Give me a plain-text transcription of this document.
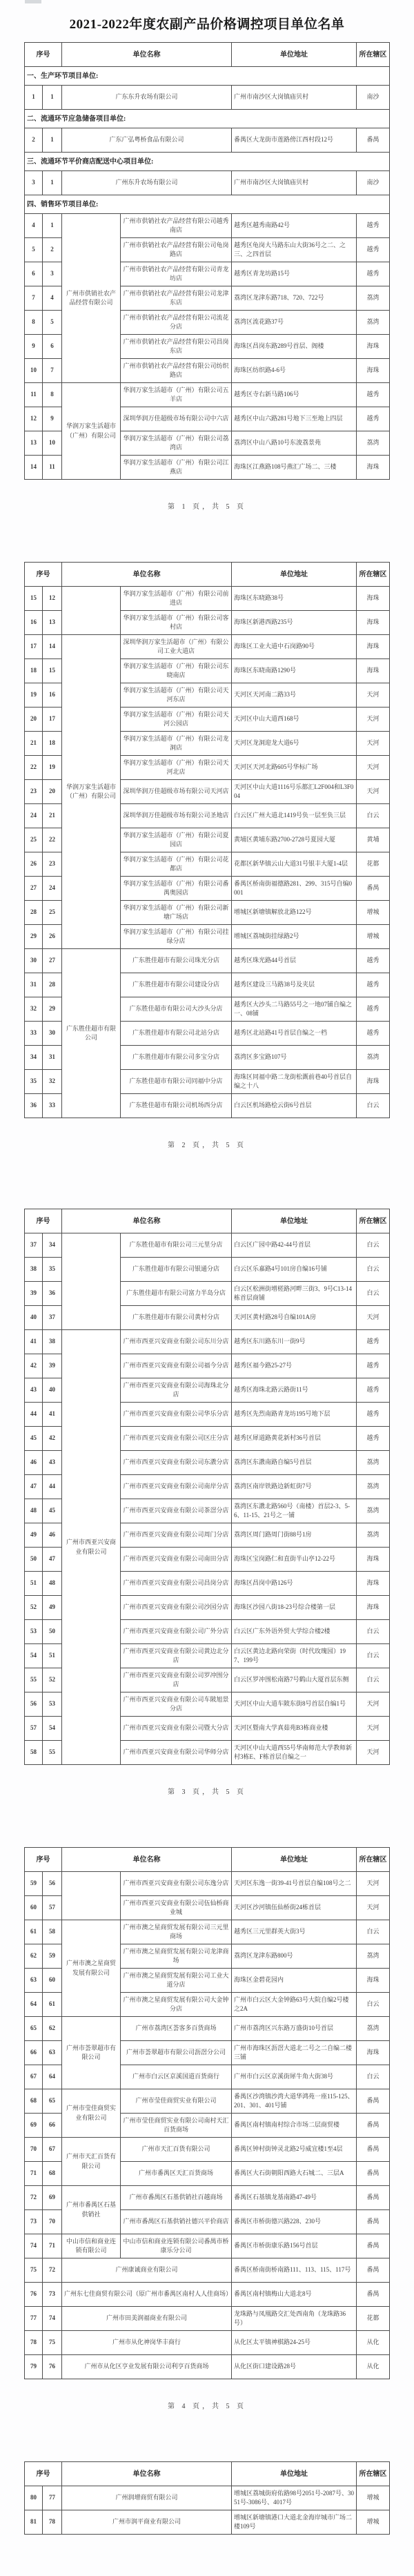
2021-2022年度农副产品价格调控项目单位名单
序号		单位名称		单位地址	所在辖区
一、生产环节项目单位:					
1	1	广东东升农场有限公司		广州市南沙区大岗镇庙贝村	南沙
二、流通环节应急储备项目单位:					
2	1	广东广弘粤桥食品有限公司		番禺区大龙街市莲路傍江西村段12号	番禺
三、流通环节平价商店配送中心项目单位:					
3	1	广州东升农场有限公司		广州市南沙区大岗镇庙贝村	南沙
四、销售环节项目单位:					
4	1	广州市供销社农产品经营有限公司	广州市供销社农产品经营有限公司越秀南店	越秀区越秀南路42号	越秀
5	2		广州市供销社农产品经营有限公司龟岗路店	越秀区龟岗大马路东山大街36号之二、之三、之四首层	越秀
6	3		广州市供销社农产品经营有限公司青龙坊店	越秀区青龙坊路15号	越秀
7	4		广州市供销社农产品经营有限公司龙津东店	荔湾区龙津东路718、720、722号	荔湾
8	5		广州市供销社农产品经营有限公司流花分店	荔湾区流花路37号	荔湾
9	6		广州市供销社农产品经营有限公司昌岗东店	海珠区昌岗东路289号首层、阁楼	海珠
10	7		广州市供销社农产品经营有限公司纺织路店	海珠区纺织路4-6号	海珠
11	8	华润万家生活超市（广州）有限公司	华润万家生活超市（广州）有限公司五羊店	越秀区寺右新马路106号	越秀
12	9		深圳华润万佳超级市场有限公司中六店	越秀区中山六路281号地下三至地上四层	越秀
13	10		华润万家生活超市（广州）有限公司荔湾店	荔湾区中山八路10号东浚荔景苑	荔湾
14	11		华润万家生活超市（广州）有限公司江燕店	海珠区江燕路108号燕汇广场二、三楼	海珠
第 1 页，共 5 页
序号		单位名称		单位地址	所在辖区
15	12		华润万家生活超市（广州）有限公司前进店	海珠区东晓路38号	海珠
16	13		华润万家生活超市（广州）有限公司客村店	海珠区新港西路235号	海珠
17	14	华润万家生活超市（广州）有限公司	深圳华润万家生活超市（广州）有限公司工业大道店	海珠区工业大道中石岗路90号	海珠
18	15		华润万家生活超市（广州）有限公司东晓南店	海珠区东晓南路1290号	海珠
19	16		华润万家生活超市（广州）有限公司天河东店	天河区天河南二路33号	天河
20	17		华润万家生活超市（广州）有限公司天河公园店	天河区中山大道西168号	天河
21	18		华润万家生活超市（广州）有限公司龙洞店	天河区龙洞迎龙大道6号	天河
22	19		华润万家生活超市（广州）有限公司天河北店	天河区天河北路605号华标广场	天河
23	20		深圳华润万佳超级市场有限公司天河店	天河区中山大道1116号乐都汇L2F004和L3F004	天河
24	21		深圳华润万佳超级市场有限公司圣地店	白云区广州大道北1419号负一层至负三层	白云
25	22		华润万家生活超市（广州）有限公司夏园店	黄埔区黄埔东路2700-2728号夏园大厦	黄埔
26	23		华润万家生活超市（广州）有限公司花都店	花都区新华镇云山大道31号银丰大厦1-4层	花都
27	24		华润万家生活超市（广州）有限公司番禺奥园店	番禺区桥南街福德路281、299、315号自编0001	番禺
28	25		华润万家生活超市（广州）有限公司新塘广场店	增城区新塘镇解放北路122号	增城
29	26		华润万家生活超市（广州）有限公司挂绿分店	增城区荔城街挂绿路2号	增城
30	27	广东胜佳超市有限公司	广东胜佳超市有限公司珠光分店	越秀区珠光路44号首层	越秀
31	28		广东胜佳超市有限公司建设分店	越秀区建设三马路38号及夹层	越秀
32	29		广东胜佳超市有限公司大沙头分店	越秀区大沙头二马路55号之一地07铺自编之一、08铺	越秀
33	30		广东胜佳超市有限公司北站分店	越秀区北站路41号首层自编之一档	越秀
34	31		广东胜佳超市有限公司多宝分店	荔湾区多宝路107号	荔湾
35	32		广东胜佳超市有限公司同福中分店	海珠区同福中路二龙街松溉前巷40号首层自编之十八	海珠
36	33		广东胜佳超市有限公司机场西分店	白云区机场路桧云街6号首层	白云
第 2 页，共 5 页
序号		单位名称		单位地址	所在辖区
37	34		广东胜佳超市有限公司三元里分店	白云区广园中路42-44号首层	白云
38	35		广东胜佳超市有限公司银通分店	白云区乐嘉路4号101房自编16号铺	白云
39	36		广东胜佳超市有限公司富力半岛分店	白云区松洲街增槎路河畔三街3、9号C13-14栋首层商铺	白云
40	37		广东胜佳超市有限公司黄村分店	天河区黄村路28号自编101A房	天河
41	38	广州市西亚兴安商业有限公司	广州市西亚兴安商业有限公司东川分店	越秀区东川路东川一街9号	越秀
42	39		广州市西亚兴安商业有限公司福今分店	越秀区福今路25-27号	越秀
43	40		广州市西亚兴安商业有限公司海珠北分店	越秀区海珠北路云路街11号	越秀
44	41		广州市西亚兴安商业有限公司华乐分店	越秀区先烈南路青龙坊195号地下层	越秀
45	42		广州市西亚兴安商业有限公司区庄分店	越秀区犀道路黄花新村36号首层	越秀
46	43		广州市西亚兴安商业有限公司东漖分店	荔湾区东漖南路自编5号首层	荔湾
47	44		广州市西亚兴安商业有限公司南岸分店	荔湾区南岸铁路边新虹街7号	荔湾
48	45		广州市西亚兴安商业有限公司茶滘分店	荔湾区东漖北路560号（南楼）首层2-3、5-6、11-15、21号之一铺	荔湾
49	46		广州市西亚兴安商业有限公司周门分店	荔湾区周门路周门街88号1房	荔湾
50	47		广州市西亚兴安商业有限公司南田分店	海珠区宝岗路仁和直街半山亭12-22号	海珠
51	48		广州市西亚兴安商业有限公司昌岗分店	海珠区昌岗中路126号	海珠
52	49		广州市西亚兴安商业有限公司沙园分店	海珠区沙园八街18-23号综合楼第一层	海珠
53	50		广州市西亚兴安商业有限公司广外分店	白云区广东外语外贸大学综合楼2楼	白云
54	51		广州市西亚兴安商业有限公司黄边北分店	白云区黄边北路向荣街（时代玫瑰园）197、199号	白云
55	52		广州市西亚兴安商业有限公司罗冲围分店	白云区罗冲围松南路7号鹤山大厦首层东侧	白云
56	53		广州市西亚兴安商业有限公司车陂旭景分店	天河区中山大道车陂东街8号首层自编1号	天河
57	54		广州市西亚兴安商业有限公司暨大分店	天河区暨南大学真茹苑B3栋商业楼	天河
58	55		广州市西亚兴安商业有限公司华师分店	天河区中山大道西55号华南师范大学教师新村3栋E、F栋首层自编之一	天河
第 3 页，共 5 页
序号		单位名称		单位地址	所在辖区
59	56		广州市西亚兴安商业有限公司东逸分店	天河区东逸一街39-41号首层自编108号之二	天河
60	57		广州市西亚兴安商业有限公司伍仙桥商业城	天河区沙河镇伍仙桥街24栋首层	天河
61	58	广州市澳之星商贸发展有限公司	广州市澳之星商贸发展有限公司三元里商场	越秀区三元里群英大街3号	白云
62	59		广州市澳之星商贸发展有限公司龙津商场	荔湾区龙津东路800号	荔湾
63	60		广州市澳之星商贸发展有限公司工业大道分店	海珠区金碧花园内	海珠
64	61		广州市澳之星商贸发展有限公司大金钟分店	广州市白云区大金钟路63号大院自编2号楼之2A	白云
65	62	广州市荟翠超市有限公司	广州市荔湾区荟客多百货商场	广州市荔湾区兴东路万盛街10号首层	荔湾
66	63		广州市荟翠超市有限公司沥滘分公司	广州市海珠区沥滘大道北二号之二自编二楼三铺	海珠
67	64		广州市白云区京溪国道百货商行	广州市白云区京溪街犀牛角大街38号	白云
68	65	广州市莹佳商贸实业有限公司	广州市莹佳商贸实业有限公司	番禺区沙湾镇沙湾大道华鸿苑一座115-125、201、301、401号铺	番禺
69	66		广州市莹佳商贸实业有限公司南村天汇百货商场	番禺区南村镇南村综合市场二层商贸楼	番禺
70	67	广州市天汇百货有限公司	广州市天汇百货有限公司	番禺区钟村街钟灵北路2号威宜楼1至4层	番禺
71	68		广州市番禺区天汇百货商场	番禺区大石街朝阳西路大石城二、三层A	番禺
72	69	广州市番禺区石基供销社	广州市番禺区石基供销社百越商场	番禺区石基镇龙基南路47-49号	番禺
73	70		广州市番禺区石基供销社德兴平价商店	番禺区市桥街德兴路228、230号	番禺
74	71	中山市信和商业连锁有限公司	中山市信和商业连锁有限公司番禺市桥康乐分公司	番禺区市桥街康乐路156号首层	番禺
75	72	广州康诚商业有限公司		番禺区桥南街桥南路111、113、115、117号	番禺
76	73	广州东七佳商贸有限公司（原广州市番禺区南村人人佳商场）		番禺区南村镇梅山大道北8号	番禺
77	74	广州市田美润福商业有限公司		龙珠路与凤凰路交汇处西南角（龙珠路36号）	花都
78	75	广州市从化神岗华丰商行		从化区太平镇神棋路24-25号	从化
79	76	广州市从化区亨业发展有限公司利亨百货商场		从化区街口建设路28号	从化
第 4 页，共 5 页
序号		单位名称	单位地址	所在辖区
80	77	广州润增商贸有限公司	增城区荔城街府佑路98号2051号-2087号、3051号-3086号、4017号	增城
81	78	广州市润平商业有限公司	增城区新塘镇港口大道北金海岸城市广场二楼109号	增城
